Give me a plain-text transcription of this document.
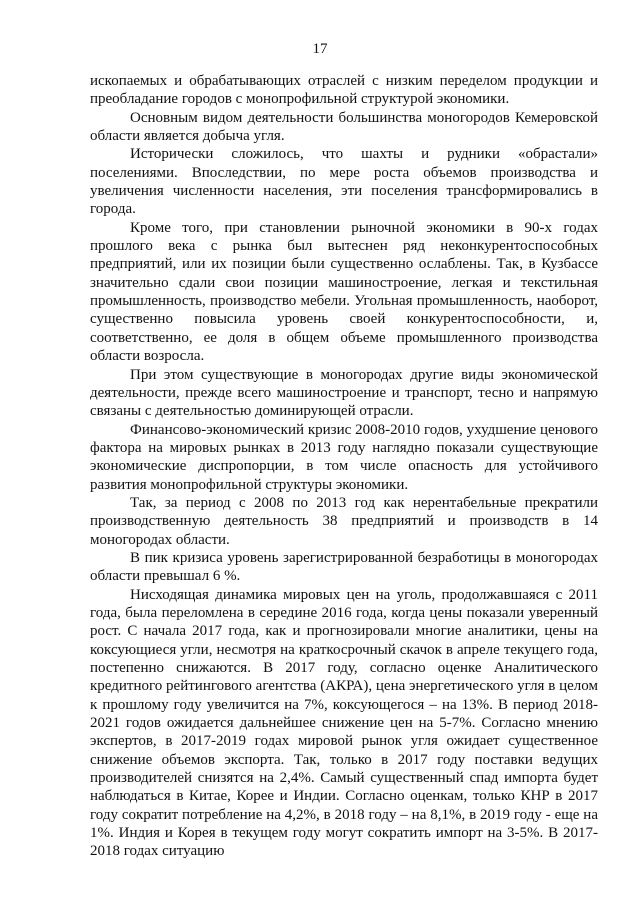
17

ископаемых и обрабатывающих отраслей с низким переделом продукции и преобладание городов с монопрофильной структурой экономики.

Основным видом деятельности большинства моногородов Кемеровской области является добыча угля.

Исторически сложилось, что шахты и рудники «обрастали» поселениями. Впоследствии, по мере роста объемов производства и увеличения численности населения, эти поселения трансформировались в города.

Кроме того, при становлении рыночной экономики в 90-х годах прошлого века с рынка был вытеснен ряд неконкурентоспособных предприятий, или их позиции были существенно ослаблены. Так, в Кузбассе значительно сдали свои позиции машиностроение, легкая и текстильная промышленность, производство мебели. Угольная промышленность, наоборот, существенно повысила уровень своей конкурентоспособности, и, соответственно, ее доля в общем объеме промышленного производства области возросла.

При этом существующие в моногородах другие виды экономической деятельности, прежде всего машиностроение и транспорт, тесно и напрямую связаны с деятельностью доминирующей отрасли.

Финансово-экономический кризис 2008-2010 годов, ухудшение ценового фактора на мировых рынках в 2013 году наглядно показали существующие экономические диспропорции, в том числе опасность для устойчивого развития монопрофильной структуры экономики.

Так, за период с 2008 по 2013 год как нерентабельные прекратили производственную деятельность 38 предприятий и производств в 14 моногородах области.

В пик кризиса уровень зарегистрированной безработицы в моногородах области превышал 6 %.

Нисходящая динамика мировых цен на уголь, продолжавшаяся с 2011 года, была переломлена в середине 2016 года, когда цены показали уверенный рост. С начала 2017 года, как и прогнозировали многие аналитики, цены на коксующиеся угли, несмотря на краткосрочный скачок в апреле текущего года, постепенно снижаются. В 2017 году, согласно оценке Аналитического кредитного рейтингового агентства (АКРА), цена энергетического угля в целом к прошлому году увеличится на 7%, коксующегося – на 13%. В период 2018-2021 годов ожидается дальнейшее снижение цен на 5-7%. Согласно мнению экспертов, в 2017-2019 годах мировой рынок угля ожидает существенное снижение объемов экспорта. Так, только в 2017 году поставки ведущих производителей снизятся на 2,4%. Самый существенный спад импорта будет наблюдаться в Китае, Корее и Индии. Согласно оценкам, только КНР в 2017 году сократит потребление на 4,2%, в 2018 году – на 8,1%, в 2019 году - еще на 1%. Индия и Корея в текущем году могут сократить импорт на 3-5%. В 2017-2018 годах ситуацию
